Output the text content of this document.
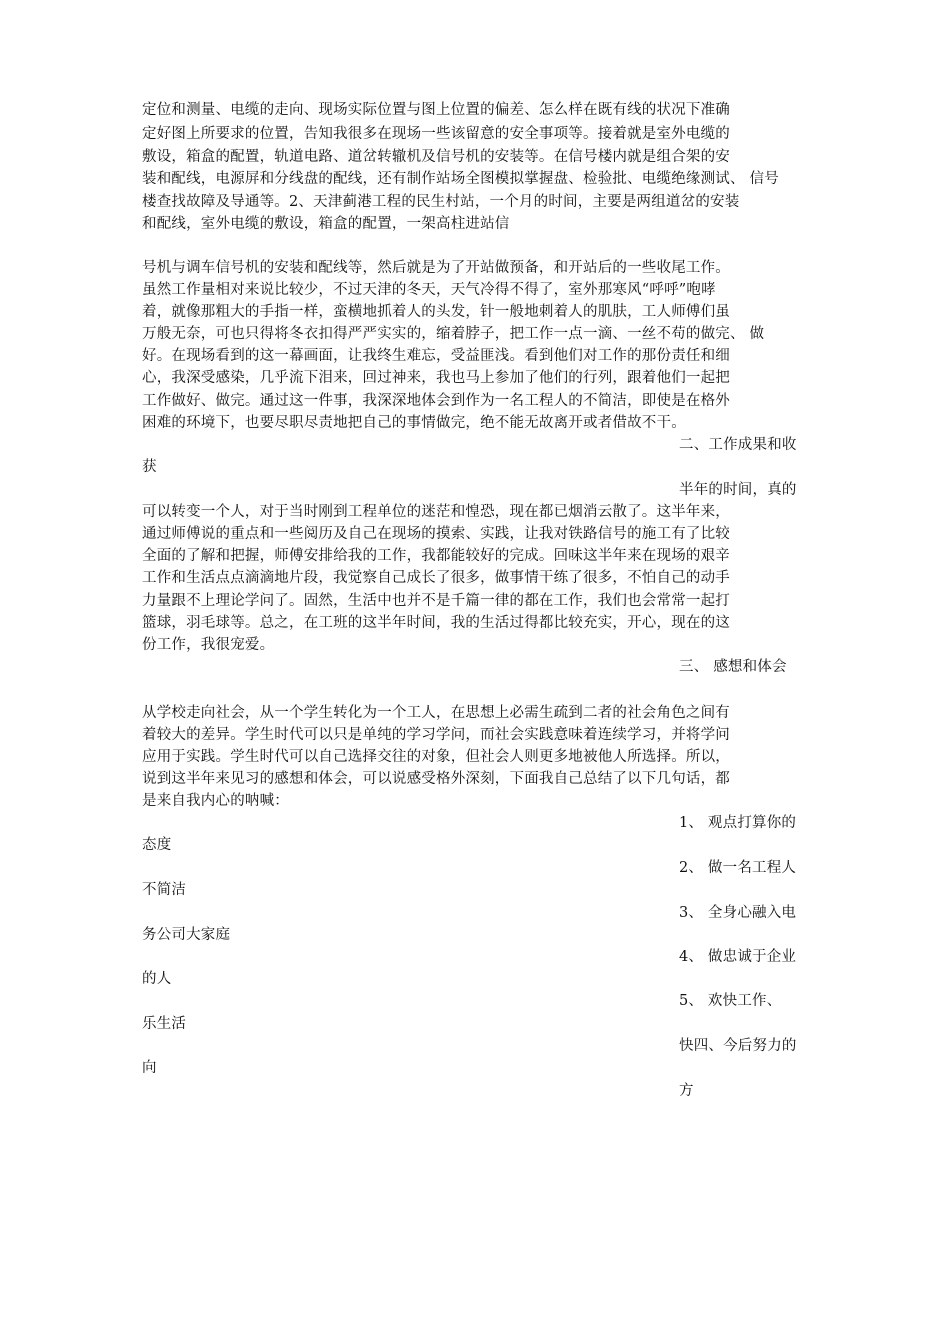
定位和测量、电缆的走向、现场实际位置与图上位置的偏差、怎么样在既有线的状况下准确
定好图上所要求的位置，告知我很多在现场一些该留意的安全事项等。接着就是室外电缆的
敷设，箱盒的配置，轨道电路、道岔转辙机及信号机的安装等。在信号楼内就是组合架的安
装和配线，电源屏和分线盘的配线，还有制作站场全图模拟掌握盘、检验批、电缆绝缘测试、 信号
楼查找故障及导通等。2、天津蓟港工程的民生村站，一个月的时间，主要是两组道岔的安装
和配线，室外电缆的敷设，箱盒的配置，一架高柱进站信
号机与调车信号机的安装和配线等，然后就是为了开站做预备，和开站后的一些收尾工作。
虽然工作量相对来说比较少，不过天津的冬天，天气冷得不得了，室外那寒风“呼呼”咆哮
着，就像那粗大的手指一样，蛮横地抓着人的头发，针一般地刺着人的肌肤，工人师傅们虽
万般无奈，可也只得将冬衣扣得严严实实的，缩着脖子，把工作一点一滴、一丝不苟的做完、 做
好。在现场看到的这一幕画面，让我终生难忘，受益匪浅。看到他们对工作的那份责任和细
心，我深受感染，几乎流下泪来，回过神来，我也马上参加了他们的行列，跟着他们一起把
工作做好、做完。通过这一件事，我深深地体会到作为一名工程人的不简洁，即使是在格外
困难的环境下，也要尽职尽责地把自己的事情做完，绝不能无故离开或者借故不干。
二、工作成果和收
获
半年的时间，真的
可以转变一个人，对于当时刚到工程单位的迷茫和惶恐，现在都已烟消云散了。这半年来，
通过师傅说的重点和一些阅历及自己在现场的摸索、实践，让我对铁路信号的施工有了比较
全面的了解和把握，师傅安排给我的工作，我都能较好的完成。回味这半年来在现场的艰辛
工作和生活点点滴滴地片段，我觉察自己成长了很多，做事情干练了很多，不怕自己的动手
力量跟不上理论学问了。固然，生活中也并不是千篇一律的都在工作，我们也会常常一起打
篮球，羽毛球等。总之，在工班的这半年时间，我的生活过得都比较充实，开心，现在的这
份工作，我很宠爱。
三、 感想和体会
从学校走向社会，从一个学生转化为一个工人，在思想上必需生疏到二者的社会角色之间有
着较大的差异。学生时代可以只是单纯的学习学问，而社会实践意味着连续学习，并将学问
应用于实践。学生时代可以自己选择交往的对象，但社会人则更多地被他人所选择。所以，
说到这半年来见习的感想和体会，可以说感受格外深刻，下面我自己总结了以下几句话，都
是来自我内心的呐喊：
1、 观点打算你的
态度
2、 做一名工程人
不简洁
3、 全身心融入电
务公司大家庭
4、 做忠诚于企业
的人
5、 欢快工作、
乐生活
快四、今后努力的
向
方
